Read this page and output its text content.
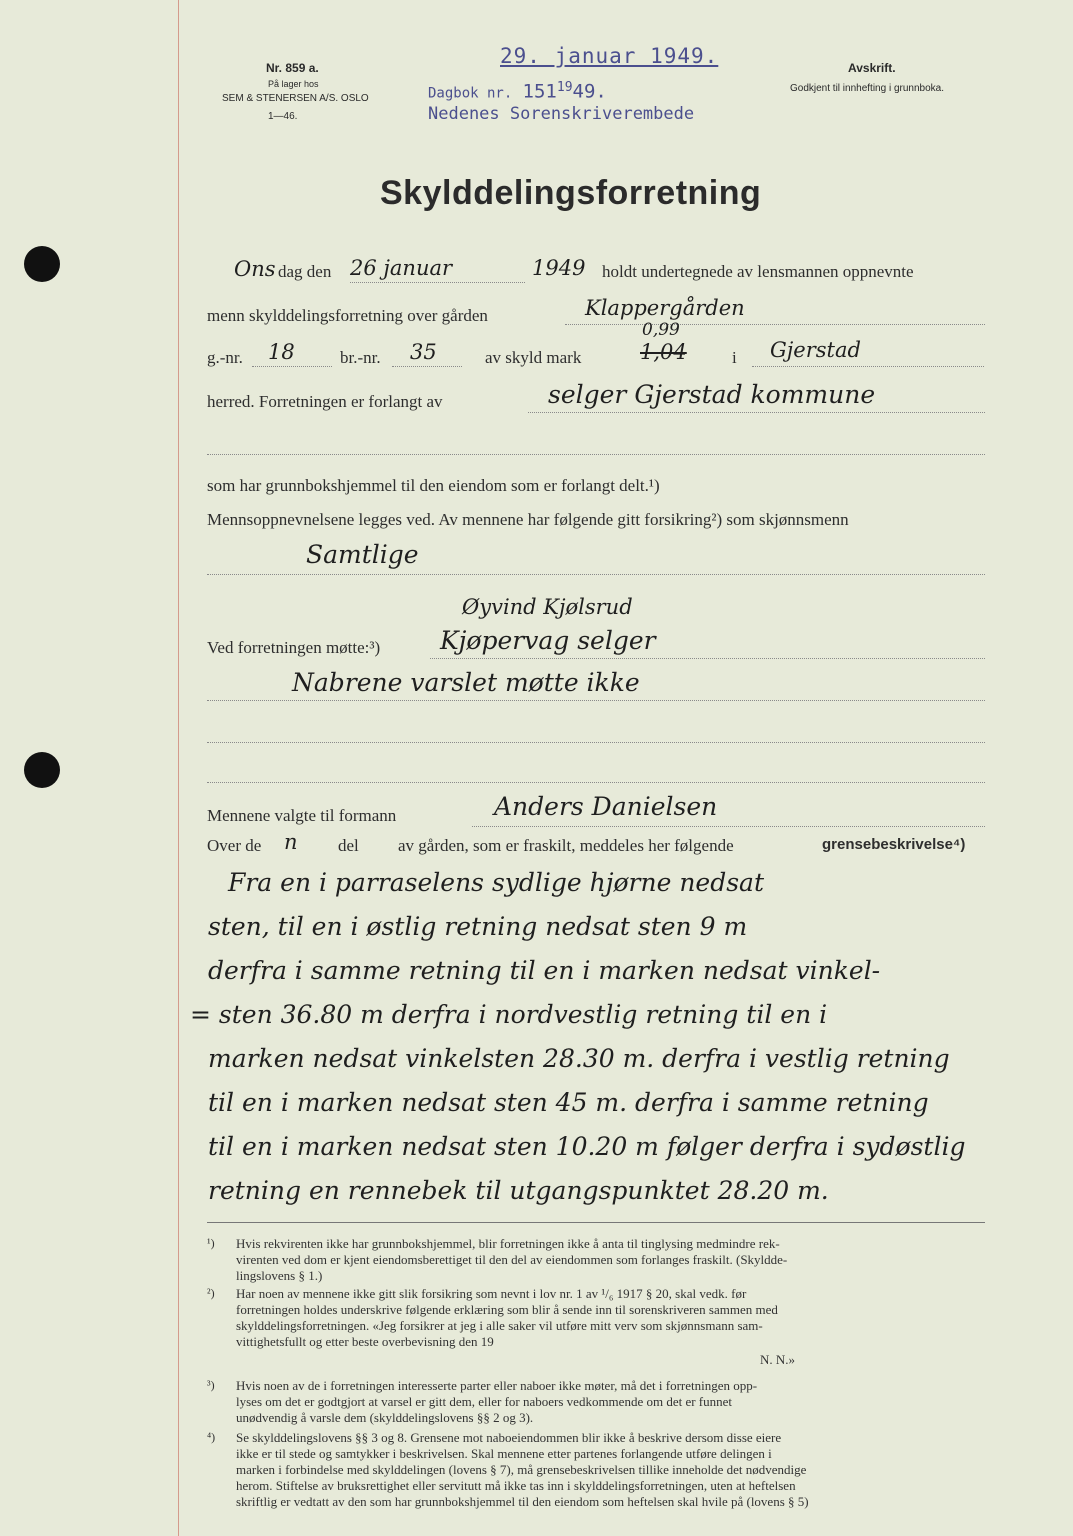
Nr. 859 a.
På lager hos
SEM & STENERSEN A/S. OSLO
1—46.
29. januar 1949.
Dagbok nr. $151^{19}49$.
Nedenes Sorenskriverembede
Avskrift.
Godkjent til innhefting i grunnboka.
Skylddelingsforretning
Ons dag den 26 januar	1949 holdt undertegnede av lensmannen oppnevnte
menn skylddelingsforretning over gården	Klappergården
g.-nr. 18	br.-nr. 35	av skyld mark
0,99
1,04	i Gjerstad
herred. Forretningen er forlangt av	selger Gjerstad kommune
som har grunnbokshjemmel til den eiendom som er forlangt delt.¹)
Mennsoppnevnelsene legges ved. Av mennene har følgende gitt forsikring²) som skjønnsmenn
Samtlige
Øyvind Kjølsrud
Ved forretningen møtte:³) Kjøpervag selger
Nabrene varslet møtte ikke
Mennene valgte til formann	Anders Danielsen
Over de n del av gården, som er fraskilt, meddeles her følgende	grensebeskrivelse⁴)
Fra en i parraselens sydlige hjørne nedsat
sten, til en i østlig retning nedsat sten 9 m
derfra i samme retning til en i marken nedsat vinkel-
= sten 36.80 m derfra i nordvestlig retning til en i
marken nedsat vinkelsten 28.30 m. derfra i vestlig retning
til en i marken nedsat sten 45 m. derfra i samme retning
til en i marken nedsat sten 10.20 m følger derfra i sydøstlig
retning en rennebek til utgangspunktet 28.20 m.
¹) Hvis rekvirenten ikke har grunnbokshjemmel, blir forretningen ikke å anta til tinglysing medmindre rek-
virenten ved dom er kjent eiendomsberettiget til den del av eiendommen som forlanges fraskilt. (Skyldde-
lingslovens § 1.)
²) Har noen av mennene ikke gitt slik forsikring som nevnt i lov nr. 1 av ¹/₆ 1917 § 20, skal vedk. før
forretningen holdes underskrive følgende erklæring som blir å sende inn til sorenskriveren sammen med
skylddelingsforretningen. «Jeg forsikrer at jeg i alle saker vil utføre mitt verv som skjønnsmann sam-
vittighetsfullt og etter beste overbevisning den 19
N. N.»
³) Hvis noen av de i forretningen interesserte parter eller naboer ikke møter, må det i forretningen opp-
lyses om det er godtgjort at varsel er gitt dem, eller for naboers vedkommende om det er funnet
unødvendig å varsle dem (skylddelingslovens §§ 2 og 3).
⁴) Se skylddelingslovens §§ 3 og 8. Grensene mot naboeiendommen blir ikke å beskrive dersom disse eiere
ikke er til stede og samtykker i beskrivelsen. Skal mennene etter partenes forlangende utføre delingen i
marken i forbindelse med skylddelingen (lovens § 7), må grensebeskrivelsen tillike inneholde det nødvendige
herom. Stiftelse av bruksrettighet eller servitutt må ikke tas inn i skylddelingsforretningen, uten at heftelsen
skriftlig er vedtatt av den som har grunnbokshjemmel til den eiendom som heftelsen skal hvile på (lovens § 5)
